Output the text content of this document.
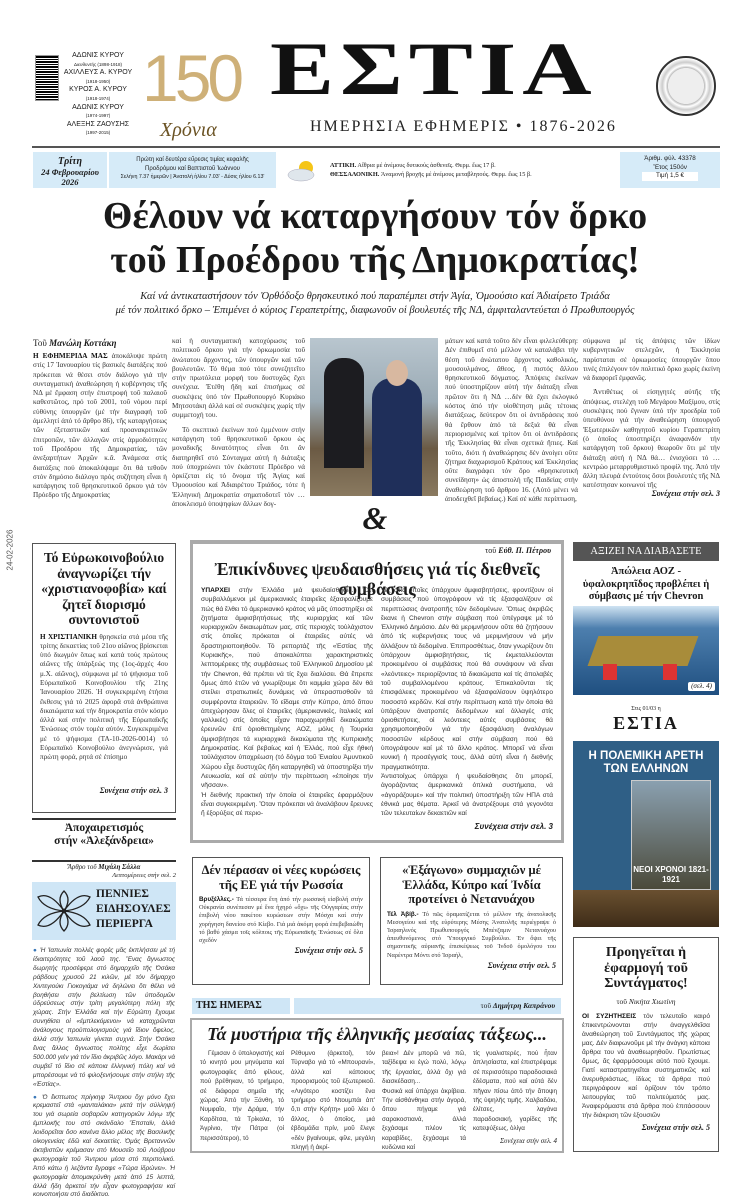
ΑΔΩΝΙΣ ΚΥΡΟΥ
Διευθυντής (1898-1918)
ΑΧΙΛΛΕΥΣ Α. ΚΥΡΟΥ
(1918-1950)
ΚΥΡΟΣ Α. ΚΥΡΟΥ
(1918-1974)
ΑΔΩΝΙΣ ΚΥΡΟΥ
(1974-1997)
ΑΛΕΞΗΣ ΖΑΟΥΣΗΣ
(1997-2015)
150
Χρόνια
ΕΣΤΙΑ
ΗΜΕΡΗΣΙΑ ΕΦΗΜΕΡΙΣ • 1876-2026
Τρίτη
24 Φεβρουαρίου 2026
Πρώτη καί δευτέρα εὕρεσις τιμίας κεφαλῆς
Προδρόμου καί Βαπτιστοῦ Ἰωάννου
Σελήνη 7.37 ἡμερῶν | Ἀνατολή ἡλίου 7.03' - Δύσις ἡλίου 6.13'
ΑΤΤΙΚΗ. Αἴθρια μέ ἀνέμους δυτικούς ἀσθενεῖς. Θερμ. ἕως 17 β.
ΘΕΣΣΑΛΟΝΙΚΗ. Ἀναμονή βροχῆς μέ ἀνέμους μεταβλητούς. Θερμ. ἕως 15 β.
Ἀριθμ. φύλ. 43378
Ἔτος 150όν
Τιμή 1,5 €
Θέλουν νά καταργήσουν τόν ὅρκο
τοῦ Προέδρου τῆς Δημοκρατίας!
Καί νά ἀντικαταστήσουν τόν Ὀρθόδοξο θρησκευτικό πού παραπέμπει στήν Ἁγία, Ὁμοούσιο καί Ἀδιαίρετο Τριάδα
μέ τόν πολιτικό ὅρκο – Ἐπιμένει ὁ κύριος Γεραπετρίτης, διαφωνοῦν οἱ βουλευτές τῆς ΝΔ, ἀμφιταλαντεύεται ὁ Πρωθυπουργός
Τοῦ Μανώλη Κοττάκη
Η ΕΦΗΜΕΡΙΔΑ ΜΑΣ ἀποκάλυψε πρώτη στίς 17 Ἰανουαρίου τίς βασικές διατάξεις πού πρόκειται νά θέσει στόν διάλογο γιά τήν συνταγματική ἀναθεώρηση ἡ κυβέρνησις τῆς ΝΔ μέ ἔμφαση στήν ἐπιστροφή τοῦ παλαιοῦ καθεστῶτος, πρό τοῦ 2001, τοῦ νόμου περί εὐθύνης ὑπουργῶν (μέ τήν διαγραφή τοῦ ἀμελλητί ἀπό τό ἄρθρο 86), τῆς καταργήσεως τῶν ἐξεταστικῶν καί προανακριτικῶν ἐπιτροπῶν, τῶν ἀλλαγῶν στίς ἁρμοδιότητες τοῦ Προέδρου τῆς Δημοκρατίας, τῶν ἀνεξαρτήτων Ἀρχῶν κ.ἄ. Ἀνάμεσα στίς διατάξεις πού ἀποκαλύψαμε ὅτι θά τεθοῦν στόν δημόσιο διάλογο πρός συζήτηση εἶναι ἡ κατάργησις τοῦ θρησκευτικοῦ ὅρκου γιά τόν Πρόεδρο τῆς Δημοκρατίας
καί ἡ συνταγματική κατοχύρωσις τοῦ πολιτικοῦ ὅρκου γιά τήν ὁρκωμοσία τοῦ ἀνώτατου ἄρχοντος, τῶν ὑπουργῶν καί τῶν βουλευτῶν. Τό θέμα πού τότε συνεζητεῖτο στήν πρωτόλεια μορφή του δυστυχῶς ἔχει συνέχεια. Ἐτέθη ἤδη καί ἐπισήμως σέ συσκέψεις ὑπό τόν Πρωθυπουργό Κυριάκο Μητσοτάκη ἀλλά καί σέ συσκέψεις χωρίς τήν συμμετοχή του.
Τό σκεπτικό ἐκείνων πού ἐμμένουν στήν κατάργηση τοῦ θρησκευτικοῦ ὅρκου ὡς μοναδικῆς δυνατότητος εἶναι ὅτι ἄν διατηρηθεῖ στό Σύνταγμα αὐτή ἡ διάταξις πού ὑποχρεώνει τόν ἑκάστοτε Πρόεδρο νά ὁρκίζεται εἰς τό ὄνομα τῆς Ἁγίας καί Ὁμοουσίου καί Ἀδιαιρέτου Τριάδος, τότε ἡ Ἑλληνική Δημοκρατία σηματοδοτεῖ τόν …ἀποκλεισμό ὑποψηφίων ἄλλων δογ-
μάτων καί κατά τοῦτο δέν εἶναι φιλελεύθερη: Δέν ἐπιθυμεῖ στό μέλλον νά καταλάβει τήν θέση τοῦ ἀνώτατου ἄρχοντος καθολικός, μουσουλμάνος, ἄθεος, ἤ πιστός ἄλλου θρησκευτικοῦ δόγματος. Ἀπόψεις ἐκείνων πού ὑποστηρίζουν αὐτή τήν διάταξη εἶναι πρῶτον ὅτι ἡ ΝΔ …δέν θά ἔχει ἐκλογικό κόστος ἀπό τήν υἱοθέτηση μιᾶς τέτοιας διατάξεως, δεύτερον ὅτι οἱ ἀντιδράσεις πού θά ἔρθουν ἀπό τά δεξιά θά εἶναι περιορισμένες καί τρίτον ὅτι οἱ ἀντιδράσεις τῆς Ἐκκλησίας θά εἶναι σχετικά ἤπιες. Καί τοῦτο, διότι ἡ ἀναθεώρησις δέν ἀνοίγει οὔτε ζήτημα διαχωρισμοῦ Κράτους καί Ἐκκλησίας οὔτε διαγράφει τόν ὅρο «θρησκευτική συνείδηση» ὡς ἀποστολή τῆς Παιδείας στήν ἀναθεώρηση τοῦ ἄρθρου 16. (Αὐτό μένει νά ἀποδειχθεῖ βεβαίως.) Καί σέ κάθε περίπτωση,
σύμφωνα μέ τίς ἀπόψεις τῶν ἰδίων κυβερνητικῶν στελεχῶν, ἡ Ἐκκλησία παρίσταται σέ ὁρκωμοσίες ὑπουργῶν ὅπου τινές ἐπιλέγουν τόν πολιτικό ὅρκο χωρίς ἐκείνη νά διαφορεῖ ἐμφανῶς.
Ἀντιθέτως οἱ εἰσηγητές αὐτῆς τῆς ἀπόψεως, στελέχη τοῦ Μεγάρου Μαξίμου, στίς συσκέψεις πού ἔγιναν ὑπό τήν προεδρία τοῦ ὑπευθύνου γιά τήν ἀναθεώρηση ὑπουργοῦ Ἐξωτερικῶν καθηγητοῦ κυρίου Γεραπετρίτη (ὁ ὁποῖος ὑποστηρίζει ἀναφανδόν τήν κατάργηση τοῦ ὅρκου) θεωροῦν ὅτι μέ τήν διάταξη αὐτή ἡ ΝΔ θά… ἐνισχύσει τό …κεντρώο μεταρρυθμιστικό προφίλ της. Ἀπό τήν ἄλλη πλευρά ἐντούτοις ὅσοι βουλευτές τῆς ΝΔ κατέστησαν κοινωνοί τῆς
Συνέχεια στήν σελ. 3
&
24-02-2026 Τό Εὐρωκοινοβούλιο ἀναγνωρίζει τήν «χριστιανοφοβία» καί ζητεῖ διορισμό συντονιστοῦ
Η ΧΡΙΣΤΙΑΝΙΚΗ θρησκεία στά μέσα τῆς τρίτης δεκαετίας τοῦ 21ου αἰῶνος βρίσκεται ὑπό διωγμόν ὅπως καί κατά τούς πρώτους αἰῶνες τῆς ὑπάρξεώς της (1ος-ἀρχές 4ου μ.Χ. αἰῶνος), σύμφωνα μέ τό ψήφισμα τοῦ Εὐρωπαϊκοῦ Κοινοβουλίου τῆς 21ης Ἰανουαρίου 2026. Ἡ συγκεκριμένη ἐτήσια ἔκθεσις γιά τό 2025 ἀφορᾶ στά ἀνθρώπινα δικαιώματα καί τήν δημοκρατία στόν κόσμο ἀλλά καί στήν πολιτική τῆς Εὐρωπαϊκῆς Ἑνώσεως στόν τομέα αὐτόν. Συγκεκριμένα μέ τό ψήφισμα (TA-10-2026-0014) τό Εὐρωπαϊκό Κοινοβούλιο ἀνεγνώρισε, γιά πρώτη φορά, ρητά σέ ἐπίσημο
Συνέχεια στήν σελ. 3
Ἀποχαιρετισμός
στήν «Ἀλεξάνδρεια»
Ἄρθρο τοῦ Μιχάλη Σάλλα
Λεπτομέρειες στήν σελ. 2
ΠΕΝΝΙΕΣ
ΕΙΔΗΣΟΥΛΕΣ
ΠΕΡΙΕΡΓΑ
● Ἡ Ἰαπωνία πολλές φορές μᾶς ἐκπλήσσει μέ τή ἰδιαιτερότητες τοῦ λαοῦ της. Ἕνας ἄγνωστος δωρητής προσέφερε στό δημαρχεῖο τῆς Ὀσάκα ράβδους χρυσοῦ 21 κιλῶν, μέ τόν δήμαρχο Χιντεγιούκι Γιοκογιάμα νά δηλώνει ὅτι θέλει νά βοηθήσει στήν βελτίωση τῶν ὑποδομῶν ὑδρεύσεως στήν τρίτη μεγαλύτερη πόλη τῆς χώρας. Στήν Ἑλλάδα καί τήν Εὐρώπη ἔχουμε συνηθίσει οἱ «ἐμπλεκόμενοι» νά καταχρῶνται ἀνάλογους προϋπολογισμούς γιά ἴδιον ὄφελος, ἀλλά στήν Ἰαπωνία γίνεται συχνά. Στήν Ὀσάκα ἕνας ἄλλος ἄγνωστος πολίτης εἶχε δωρίσει 500.000 γιέν γιά τόν ἴδιο ἀκριβῶς λόγο. Μακάρι νά συμβεῖ τό ἴδιο σέ κάποια ἑλληνική πόλη καί νά μπορέσουμε νά τό φιλοξενήσουμε στήν στήλη τῆς «Ἑστίας».
● Ὁ ἔκπτωτος πρίγκηψ Ἄντριου ὄχι μόνο ἔχει κρεμαστεῖ στά «μανταλάκια» μετά τήν σύλληψή του γιά σωρεία σοβαρῶν κατηγοριῶν λόγῳ τῆς ἐμπλοκῆς του στό σκάνδαλο Ἔπσταϊν, ἀλλά λοιδορεῖται ὅσο κανένα ἄλλο μέλος τῆς Βασιλικῆς οἰκογενείας ἐδῶ καί δεκαετίες. Ὁμάς Βρεταννῶν ἀκτιβιστῶν κρέμασαν στό Μουσεῖο τοῦ Λούβρου φωτογραφία τοῦ Ἄντριου μέσα στό περιπολικό. Ἀπό κάτω ἡ λεζάντα ἔγραφε «Τώρα ἱδρώνει». Ἡ φωτογραφία ἀπομακρύνθη μετά ἀπό 15 λεπτά, ἀλλά ἤδη ἀρκετοί τήν εἶχαν φωτογραφήσει καί κοινοποιήσει στό διαδίκτυο.
τοῦ Εὐθ. Π. Πέτρου
Ἐπικίνδυνες ψευδαισθήσεις γιά τίς διεθνεῖς συμβάσεις
ΥΠΑΡΧΕΙ στήν Ἑλλάδα μιά ψευδαίσθησις. Ὅτι συμβαλλόμενοι μέ ἀμερικανικές ἑταιρεῖες ἐξασφαλίζουμε πώς θά ἔλθει τό ἀμερικανικό κράτος νά μᾶς ὑποστηρίξει σέ ζητήματα ἀμφισβητήσεως τῆς κυριαρχίας καί τῶν κυριαρχικῶν δικαιωμάτων μας, στίς περιοχές τοὐλάχιστον στίς ὁποῖες πρόκειται οἱ ἑταιρεῖες αὐτές νά δραστηριοποιηθοῦν. Τό ρεπορτάζ τῆς «Ἑστίας τῆς Κυριακῆς», πού ἀποκαλύπτει χαρακτηριστικές λεπτομέρειες τῆς συμβάσεως τοῦ Ἑλληνικοῦ Δημοσίου μέ τήν Chevron, θά πρέπει νά τίς ἔχει διαλύσει. Θά ἔπρεπε ὅμως ἀπό ἐτῶν νά γνωρίζουμε ὅτι καμμία χώρα δέν θά στείλει στρατιωτικές δυνάμεις νά ὑπερασπισθοῦν τά συμφέροντα ἑταιρειῶν. Τό εἴδαμε στήν Κύπρο, ἀπό ὅπου ἀπεχώρησαν ὅλες οἱ ἑταιρεῖες (ἀμερικανικές, ἰταλικές καί γαλλικές) στίς ὁποῖες εἶχαν παραχωρηθεῖ δικαιώματα ἐρευνῶν ἐπί ὁριοθετημένης ΑΟΖ, μόλις ἡ Τουρκία ἀμφισβήτησε τά κυριαρχικά δικαιώματα τῆς Κυπριακῆς Δημοκρατίας. Καί βεβαίως καί ἡ Ἑλλάς, πού εἶχε ἠθική τοὐλάχιστον ὑποχρέωση (τό δόγμα τοῦ Ἑνιαίου Ἀμυντικοῦ Χώρου εἶχε δυστυχῶς ἤδη καταργηθεῖ) νά ὑποστηρίξει τήν Λευκωσία, καί σέ αὐτήν τήν περίπτωση «ἐποίησε τήν νῆσσαν».
Ἡ διεθνής πρακτική τήν ὁποία οἱ ἑταιρεῖες ἐφαρμόζουν εἶναι συγκεκριμένη. Ὅταν πρόκειται νά ἀναλάβουν ἔρευνες ἤ ἐξορύξεις σέ περιο-
χές στίς ὁποῖες ὑπάρχουν ἀμφισβητήσεις, φροντίζουν οἱ συμβάσεις πού ὑπογράφουν νά τίς ἐξασφαλίζουν σέ περιπτώσεις ἀνατροπῆς τῶν δεδομένων. Ὅπως ἀκριβῶς ἔκανε ἡ Chevron στήν σύμβαση πού ὑπέγραψε μέ τό Ἑλληνικό Δημόσιο. Δέν θά μεριμνήσουν οὔτε θά ζητήσουν ἀπό τίς κυβερνήσεις τους νά μεριμνήσουν νά μήν ἀλλάξουν τά δεδομένα. Ἐπιπροσθέτως, ὅταν γνωρίζουν ὅτι ὑπάρχουν ἀμφισβητήσεις, τίς ἐκμεταλλεύονται προκειμένου οἱ συμβάσεις πού θά συνάψουν νά εἶναι «λεόντειες» περιορίζοντας τά δικαιώματα καί τίς ἀπολαβές τοῦ συμβαλλομένου κράτους. Ἐπικαλοῦνται τίς ἐπισφάλειες προκειμένου νά ἐξασφαλίσουν ὑψηλότερο ποσοστό κερδῶν. Καί στήν περίπτωση κατά τήν ὁποία θά ὑπάρξουν ἀνατροπές δεδομένων καί ἀλλαγές στίς ὁριοθετήσεις, οἱ λεόντειες αὐτές συμβάσεις θά χρησιμοποιηθοῦν γιά τήν ἐξασφάλιση ἀναλόγων ποσοστῶν κέρδους καί στήν σύμβαση πού θά ὑπογράψουν καί μέ τό ἄλλο κράτος. Μπορεῖ νά εἶναι κυνική ἡ προσέγγισίς τους, ἀλλά αὐτή εἶναι ἡ διεθνής πραγματικότητα.
Ἀντιστοίχως ὑπάρχει ἡ ψευδαίσθησις ὅτι μπορεῖ, ἀγοράζοντας ἀμερικανικά ὁπλικά συστήματα, νά «ἀγοράζουμε» καί τήν πολιτική ὑποστήριξη τῶν ΗΠΑ στά ἐθνικά μας θέματα. Ἀρκεῖ νά ἀνατρέξουμε στά γεγονότα τῶν τελευταίων δεκαετιῶν καί
Συνέχεια στήν σελ. 3
Δέν πέρασαν οἱ νέες κυρώσεις τῆς ΕΕ γιά τήν Ρωσσία
Βρυξέλλες.- Τά τέσσερα ἔτη ἀπό τήν ρωσσική εἰσβολή στήν Οὐκρανία συνέπεσαν μέ ἕνα ἠχηρό «ὄχι» τῆς Οὐγγαρίας στήν ἐπιβολή νέου πακέτου κυρώσεων στήν Μόσχα καί στήν χορήγηση δανείου στό Κίεβο. Γιά μιά ἀκόμη φορά ἐπεβεβαιώθη τό βαθύ χάσμα τοῖς κόλποις τῆς Εὐρωπαϊκῆς Ἑνώσεως σέ ὅλα σχεδόν
Συνέχεια στήν σελ. 5
«Ἑξάγωνο» συμμαχιῶν μέ Ἑλλάδα, Κύπρο καί Ἰνδία προτείνει ὁ Νετανυάχου
Τέλ Ἀβίβ.- Τό πῶς ὁραματίζεται τό μέλλον τῆς ἀνατολικῆς Μεσογείου καί τῆς εὐρύτερης Μέσης Ἀνατολῆς περιέγραψε ὁ Ἰσραηλινός Πρωθυπουργός Μπένζαμιν Νετανυάχου ἀπευθυνόμενος στό Ὑπουργικό Συμβούλιο. Ἐν ὄψει τῆς σημαντικῆς αὐριανῆς ἐπισκέψεως τοῦ Ἰνδοῦ ὁμολόγου του Ναρέντρα Μόντι στό Ἰσραήλ,
Συνέχεια στήν σελ. 5
ΤΗΣ ΗΜΕΡΑΣ	τοῦ Δημήτρη Καπράνου
Τά μυστήρια τῆς ἑλληνικῆς μεσαίας τάξεως...
Γέμισαν ὁ ὑπολογιστής καί τό κινητό μου μηνύματα καί φωτογραφίες ἀπό φίλους, πού βρέθηκαν, τό τριήμερο, σέ διάφορα σημεῖα τῆς χώρας. Ἀπό τήν Ξάνθη, τό Νυμφαῖο, τήν Δράμα, τήν Καρδίτσα, τά Τρίκαλα, τό Ἀγρίνιο, τήν Πάτρα (οἱ περισσότεροι), τό
Ρέθυμνο (ἀρκετοί), τόν Τύρναβο γιά τό «Μπουρανί», ἀλλά καί κάποιους προορισμούς τοῦ ἐξωτερικοῦ. «Λιγότερο κοστίζει ἕνα τριήμερο στό Ντουμπάι ἀπ' ὅ,τι στήν Κρήτη» μοῦ λέει ὁ ἄλλος, ὁ ὁποῖος, μιά ἑβδομάδα πρίν, μοῦ ἔλεγε «δέν βγαίνουμε, φίλε, μεγάλη πληγή ἡ ἀκρί-
βεια»! Δέν μπορῶ νά πῶ, ταξίδεψα κι ἐγώ πολύ, λόγῳ τῆς ἐργασίας, ἀλλά ὄχι γιά διασκέδαση...
Φυσικά καί ὑπάρχει ἀκρίβεια. Τήν αἰσθάνθηκα στήν ἀγορά, ὅπου πήγαμε γιά σαρακοστιανά, ἀλλά ξεχάσαμε πλέον τίς καραβίδες, ξεχάσαμε τά κυδώνια καί
τίς γυαλιστερές, πού ἦταν ἀπλησίαστα, καί ἐπιστρέψαμε σέ περισσότερο παραδοσιακά ἐδέσματα, πού καί αὐτά δέν πῆγαν πίσω ἀπό τήν ἄποψη τῆς ὑψηλῆς τιμῆς. Χαλβαδάκι, ἐλίτσες, λαγάνα παραδοσιακή, γαρίδες τῆς κατεψύξεως, ὀλίγα
Συνέχεια στήν σελ. 4
ΑΞΙΖΕΙ ΝΑ ΔΙΑΒΑΣΕΤΕ
Ἀπώλεια ΑΟΖ - ὑφαλοκρηπῖδος προβλέπει ἡ σύμβασις μέ τήν Chevron
(σελ. 4)
Στις 01/03 η
ΕΣΤΙΑ
Η ΠΟΛΕΜΙΚΗ ΑΡΕΤΗ
ΤΩΝ ΕΛΛΗΝΩΝ
ΝΕΟΙ ΧΡΟΝΟΙ 1821-1921
Προηγεῖται ἡ ἐφαρμογή τοῦ Συντάγματος!
τοῦ Νικήτα Χιωτίνη
ΟΙ ΣΥΖΗΤΗΣΕΙΣ τόν τελευταῖο καιρό ἐπικεντρώνονται στήν ἀναγγελθεῖσα ἀναθεώρηση τοῦ Συντάγματος τῆς χώρας μας. Δέν διαφωνοῦμε μέ τήν ἀνάγκη κάποια ἄρθρα του νά ἀναθεωρηθοῦν. Πρωτίστως ὅμως, ἄς ἐφαρμόσουμε αὐτό πού ἔχουμε. Γιατί καταστρατηγεῖται συστηματικῶς καί ἀνερυθριάστως, ἰδίως τά ἄρθρα πού περιγράφουν καί ὁρίζουν τόν τρόπο λειτουργίας τοῦ πολιτεύματός μας. Ἀναφερόμαστε στά ἄρθρα πού ἐπιτάσσουν τήν διάκριση τῶν ἐξουσιῶν
Συνέχεια στήν σελ. 5
